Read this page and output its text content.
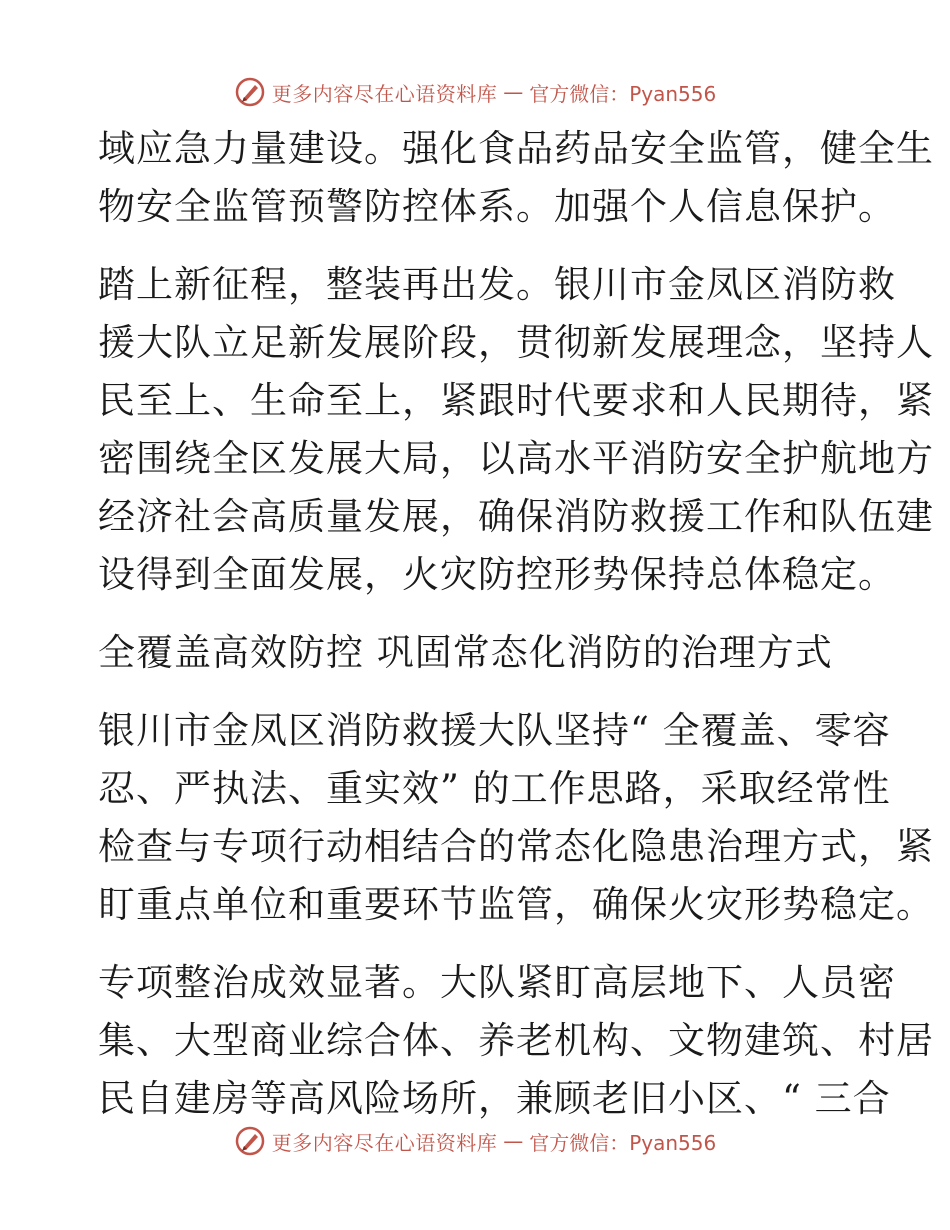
更多内容尽在心语资料库 — 官方微信：Pyan556
域应急力量建设。强化食品药品安全监管，健全生
物安全监管预警防控体系。加强个人信息保护。
踏上新征程，整装再出发。银川市金凤区消防救
援大队立足新发展阶段，贯彻新发展理念，坚持人
民至上、生命至上，紧跟时代要求和人民期待，紧
密围绕全区发展大局，以高水平消防安全护航地方
经济社会高质量发展，确保消防救援工作和队伍建
设得到全面发展，火灾防控形势保持总体稳定。
全覆盖高效防控 巩固常态化消防的治理方式
银川市金凤区消防救援大队坚持“ 全覆盖、零容
忍、严执法、重实效” 的工作思路，采取经常性
检查与专项行动相结合的常态化隐患治理方式，紧
盯重点单位和重要环节监管，确保火灾形势稳定。
专项整治成效显著。大队紧盯高层地下、人员密
集、大型商业综合体、养老机构、文物建筑、村居
民自建房等高风险场所，兼顾老旧小区、“ 三合
更多内容尽在心语资料库 — 官方微信：Pyan556
